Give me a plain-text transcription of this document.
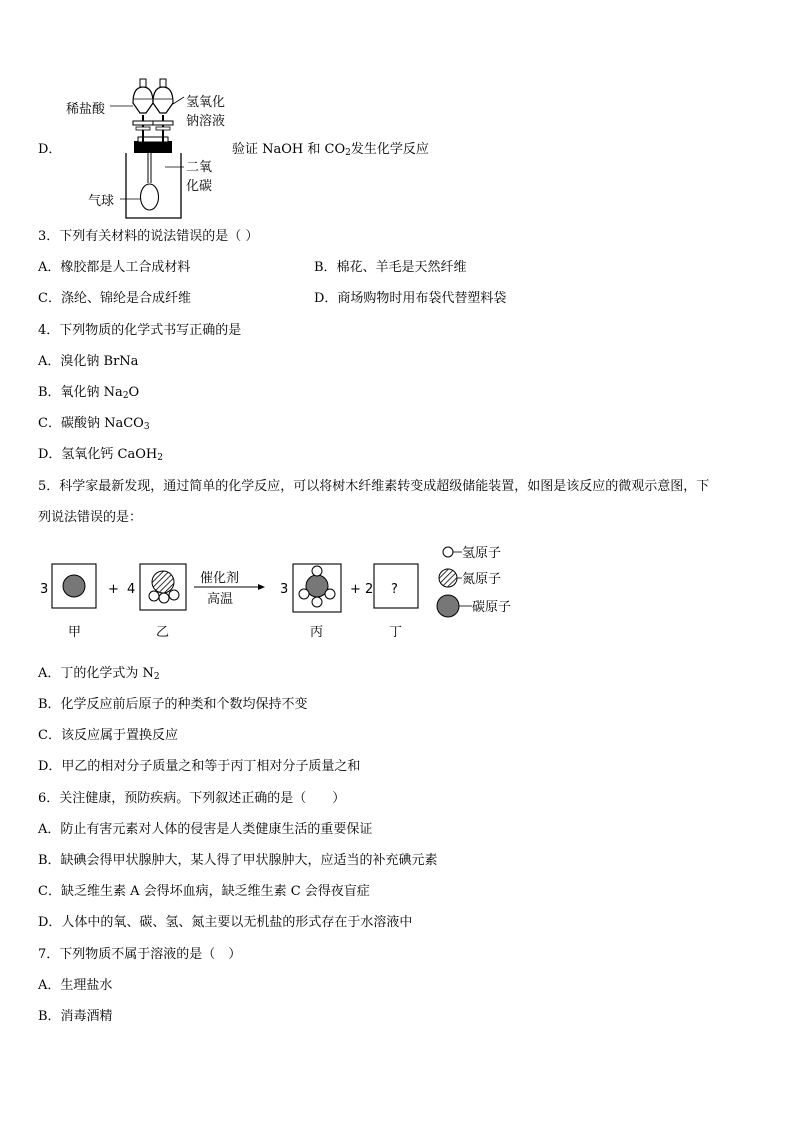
D．
稀盐酸	氢氧化
钠溶液
二氧
化碳
气球
验证 NaOH 和 $CO_2$发生化学反应
3．下列有关材料的说法错误的是（ ）
A．橡胶都是人工合成材料	B．棉花、羊毛是天然纤维
C．涤纶、锦纶是合成纤维	D．商场购物时用布袋代替塑料袋
4．下列物质的化学式书写正确的是
A．溴化钠 BrNa
B．氧化钠 $Na_2O$
C．碳酸钠 NaCO$_3$
D．氢氧化钙 CaOH$_2$
5．科学家最新发现，通过简单的化学反应，可以将树木纤维素转变成超级储能装置，如图是该反应的微观示意图，下
列说法错误的是：
3	+ 4
催化剂
高温
3	+ 2 ?
甲	乙	丙	丁
氢原子
氮原子
碳原子
A．丁的化学式为 $N_2$
B．化学反应前后原子的种类和个数均保持不变
C．该反应属于置换反应
D．甲乙的相对分子质量之和等于丙丁相对分子质量之和
6．关注健康，预防疾病。下列叙述正确的是（　　）
A．防止有害元素对人体的侵害是人类健康生活的重要保证
B．缺碘会得甲状腺肿大，某人得了甲状腺肿大，应适当的补充碘元素
C．缺乏维生素 A 会得坏血病，缺乏维生素 C 会得夜盲症
D．人体中的氧、碳、氢、氮主要以无机盐的形式存在于水溶液中
7．下列物质不属于溶液的是（　）
A．生理盐水
B．消毒酒精
